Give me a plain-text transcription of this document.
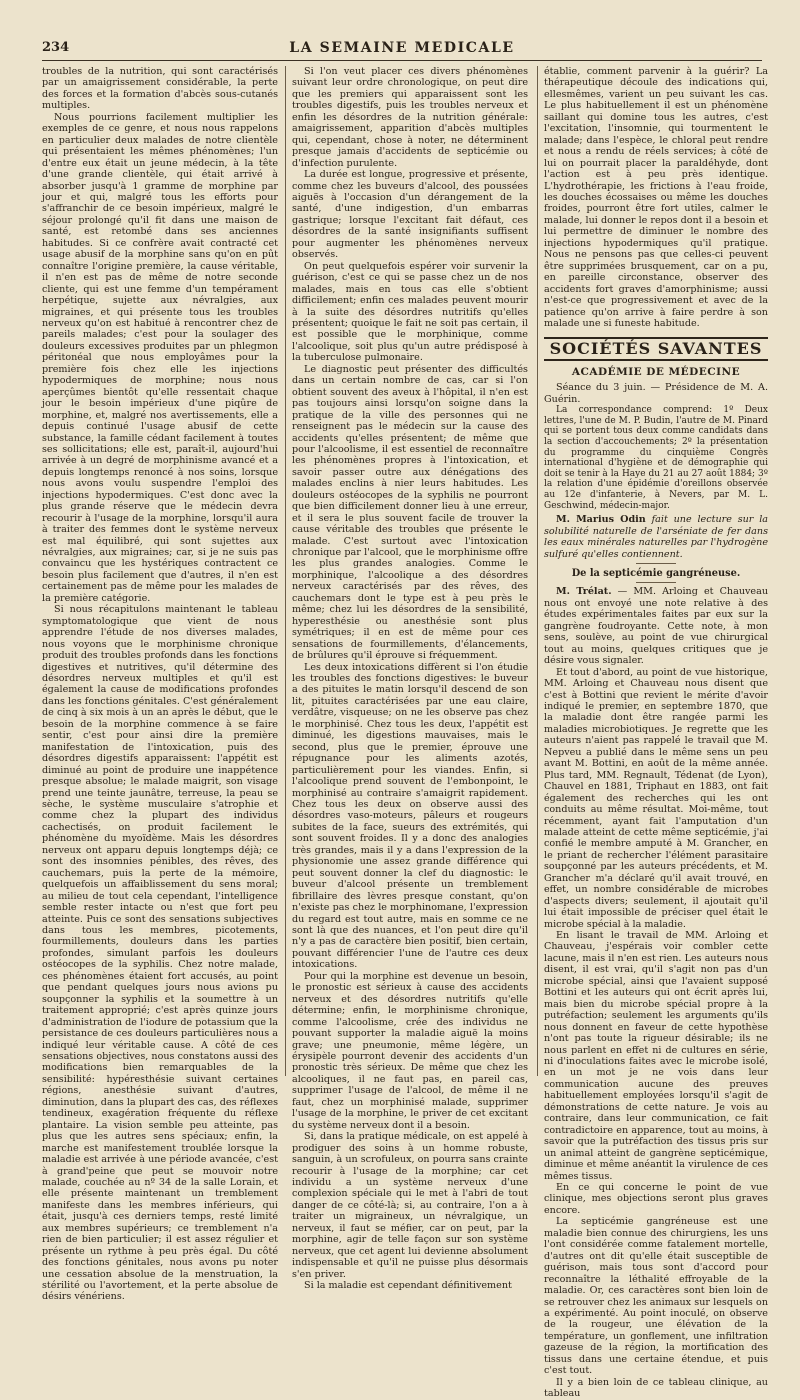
234	LA SEMAINE MEDICALE

troubles de la nutrition, qui sont caractérisés par un amaigrissement considérable, la perte des forces et la formation d'abcès sous-cutanés multiples.

Nous pourrions facilement multiplier les exemples de ce genre, et nous nous rappelons en particulier deux malades de notre clientèle qui présentaient les mêmes phénomènes; l'un d'entre eux était un jeune médecin, à la tête d'une grande clientèle, qui était arrivé à absorber jusqu'à 1 gramme de morphine par jour et qui, malgré tous les efforts pour s'affranchir de ce besoin impérieux, malgré le séjour prolongé qu'il fit dans une maison de santé, est retombé dans ses anciennes habitudes. Si ce confrère avait contracté cet usage abusif de la morphine sans qu'on en pût connaître l'origine première, la cause véritable, il n'en est pas de même de notre seconde cliente, qui est une femme d'un tempérament herpétique, sujette aux névralgies, aux migraines, et qui présente tous les troubles nerveux qu'on est habitué à rencontrer chez de pareils malades; c'est pour la soulager des douleurs excessives produites par un phlegmon péritonéal que nous employâmes pour la première fois chez elle les injections hypodermiques de morphine; nous nous aperçûmes bientôt qu'elle ressentait chaque jour le besoin impérieux d'une piqûre de morphine, et, malgré nos avertissements, elle a depuis continué l'usage abusif de cette substance, la famille cédant facilement à toutes ses sollicitations; elle est, paraît-il, aujourd'hui arrivée à un degré de morphinisme avancé et a depuis longtemps renoncé à nos soins, lorsque nous avons voulu suspendre l'emploi des injections hypodermiques. C'est donc avec la plus grande réserve que le médecin devra recourir à l'usage de la morphine, lorsqu'il aura à traiter des femmes dont le système nerveux est mal équilibré, qui sont sujettes aux névralgies, aux migraines; car, si je ne suis pas convaincu que les hystériques contractent ce besoin plus facilement que d'autres, il n'en est certainement pas de même pour les malades de la première catégorie.

Si nous récapitulons maintenant le tableau symptomatologique que vient de nous apprendre l'étude de nos diverses malades, nous voyons que le morphinisme chronique produit des troubles profonds dans les fonctions digestives et nutritives, qu'il détermine des désordres nerveux multiples et qu'il est également la cause de modifications profondes dans les fonctions génitales. C'est généralement de cinq à six mois à un an après le début, que le besoin de la morphine commence à se faire sentir, c'est pour ainsi dire la première manifestation de l'intoxication, puis des désordres digestifs apparaissent: l'appétit est diminué au point de produire une inappétence presque absolue; le malade maigrit, son visage prend une teinte jaunâtre, terreuse, la peau se sèche, le système musculaire s'atrophie et comme chez la plupart des individus cachectisés, on produit facilement le phénomène du myoïdème. Mais les désordres nerveux ont apparu depuis longtemps déjà; ce sont des insomnies pénibles, des rêves, des cauchemars, puis la perte de la mémoire, quelquefois un affaiblissement du sens moral; au milieu de tout cela cependant, l'intelligence semble rester intacte ou n'est que fort peu atteinte. Puis ce sont des sensations subjectives dans tous les membres, picotements, fourmillements, douleurs dans les parties profondes, simulant parfois les douleurs ostéocopes de la syphilis. Chez notre malade, ces phénomènes étaient fort accusés, au point que pendant quelques jours nous avions pu soupçonner la syphilis et la soumettre à un traitement approprié; c'est après quinze jours d'administration de l'iodure de potassium que la persistance de ces douleurs particulières nous a indiqué leur véritable cause. A côté de ces sensations objectives, nous constatons aussi des modifications bien remarquables de la sensibilité: hypéresthésie suivant certaines régions, anesthésie suivant d'autres, diminution, dans la plupart des cas, des réflexes tendineux, exagération fréquente du réflexe plantaire. La vision semble peu atteinte, pas plus que les autres sens spéciaux; enfin, la marche est manifestement troublée lorsque la maladie est arrivée à une période avancée, c'est à grand'peine que peut se mouvoir notre malade, couchée au nº 34 de la salle Lorain, et elle présente maintenant un tremblement manifeste dans les membres inférieurs, qui était, jusqu'à ces derniers temps, resté limité aux membres supérieurs; ce tremblement n'a rien de bien particulier; il est assez régulier et présente un rythme à peu près égal. Du côté des fonctions génitales, nous avons pu noter une cessation absolue de la menstruation, la stérilité ou l'avortement, et la perte absolue de désirs vénériens.

Si l'on veut placer ces divers phénomènes suivant leur ordre chronologique, on peut dire que les premiers qui apparaissent sont les troubles digestifs, puis les troubles nerveux et enfin les désordres de la nutrition générale: amaigrissement, apparition d'abcès multiples qui, cependant, chose à noter, ne déterminent presque jamais d'accidents de septicémie ou d'infection purulente.

La durée est longue, progressive et présente, comme chez les buveurs d'alcool, des poussées aiguës à l'occasion d'un dérangement de la santé, d'une indigestion, d'un embarras gastrique; lorsque l'excitant fait défaut, ces désordres de la santé insignifiants suffisent pour augmenter les phénomènes nerveux observés.

On peut quelquefois espérer voir survenir la guérison, c'est ce qui se passe chez un de nos malades, mais en tous cas elle s'obtient difficilement; enfin ces malades peuvent mourir à la suite des désordres nutritifs qu'elles présentent; quoique le fait ne soit pas certain, il est possible que le morphinique, comme l'alcoolique, soit plus qu'un autre prédisposé à la tuberculose pulmonaire.

Le diagnostic peut présenter des difficultés dans un certain nombre de cas, car si l'on obtient souvent des aveux à l'hôpital, il n'en est pas toujours ainsi lorsqu'on soigne dans la pratique de la ville des personnes qui ne renseignent pas le médecin sur la cause des accidents qu'elles présentent; de même que pour l'alcoolisme, il est essentiel de reconnaître les phénomènes propres à l'intoxication, et savoir passer outre aux dénégations des malades enclins à nier leurs habitudes. Les douleurs ostéocopes de la syphilis ne pourront que bien difficilement donner lieu à une erreur, et il sera le plus souvent facile de trouver la cause véritable des troubles que présente le malade. C'est surtout avec l'intoxication chronique par l'alcool, que le morphinisme offre les plus grandes analogies. Comme le morphinique, l'alcoolique a des désordres nerveux caractérisés par des rêves, des cauchemars dont le type est à peu près le même; chez lui les désordres de la sensibilité, hyperesthésie ou anesthésie sont plus symétriques; il en est de même pour ces sensations de fourmillements, d'élancements, de brûlures qu'il éprouve si fréquemment.

Les deux intoxications diffèrent si l'on étudie les troubles des fonctions digestives: le buveur a des pituites le matin lorsqu'il descend de son lit, pituites caractérisées par une eau claire, verdâtre, visqueuse; on ne les observe pas chez le morphinisé. Chez tous les deux, l'appétit est diminué, les digestions mauvaises, mais le second, plus que le premier, éprouve une répugnance pour les aliments azotés, particulièrement pour les viandes. Enfin, si l'alcoolique prend souvent de l'embonpoint, le morphinisé au contraire s'amaigrit rapidement. Chez tous les deux on observe aussi des désordres vaso-moteurs, pâleurs et rougeurs subites de la face, sueurs des extrémités, qui sont souvent froides. Il y a donc des analogies très grandes, mais il y a dans l'expression de la physionomie une assez grande différence qui peut souvent donner la clef du diagnostic: le buveur d'alcool présente un tremblement fibrillaire des lèvres presque constant, qu'on n'existe pas chez le morphinomane, l'expression du regard est tout autre, mais en somme ce ne sont là que des nuances, et l'on peut dire qu'il n'y a pas de caractère bien positif, bien certain, pouvant différencier l'une de l'autre ces deux intoxications.

Pour qui la morphine est devenue un besoin, le pronostic est sérieux à cause des accidents nerveux et des désordres nutritifs qu'elle détermine; enfin, le morphinisme chronique, comme l'alcoolisme, crée des individus ne pouvant supporter la maladie aiguë la moins grave; une pneumonie, même légère, un érysipèle pourront devenir des accidents d'un pronostic très sérieux. De même que chez les alcooliques, il ne faut pas, en pareil cas, supprimer l'usage de l'alcool, de même il ne faut, chez un morphinisé malade, supprimer l'usage de la morphine, le priver de cet excitant du système nerveux dont il a besoin.

Si, dans la pratique médicale, on est appelé à prodiguer des soins à un homme robuste, sanguin, à un scrofuleux, on pourra sans crainte recourir à l'usage de la morphine; car cet individu a un système nerveux d'une complexion spéciale qui le met à l'abri de tout danger de ce côté-là; si, au contraire, l'on a à traiter un migraineux, un névralgique, un nerveux, il faut se méfier, car on peut, par la morphine, agir de telle façon sur son système nerveux, que cet agent lui devienne absolument indispensable et qu'il ne puisse plus désormais s'en priver.

Si la maladie est cependant définitivement

établie, comment parvenir à la guérir? La thérapeutique découle des indications qui, ellesmêmes, varient un peu suivant les cas. Le plus habituellement il est un phénomène saillant qui domine tous les autres, c'est l'excitation, l'insomnie, qui tourmentent le malade; dans l'espèce, le chloral peut rendre et nous a rendu de réels services; à côté de lui on pourrait placer la paraldéhyde, dont l'action est à peu près identique. L'hydrothérapie, les frictions à l'eau froide, les douches écossaises ou même les douches froides, pourront être fort utiles, calmer le malade, lui donner le repos dont il a besoin et lui permettre de diminuer le nombre des injections hypodermiques qu'il pratique. Nous ne pensons pas que celles-ci peuvent être supprimées brusquement, car on a pu, en pareille circonstance, observer des accidents fort graves d'amorphinisme; aussi n'est-ce que progressivement et avec de la patience qu'on arrive à faire perdre à son malade une si funeste habitude.

SOCIÉTÉS SAVANTES
ACADÉMIE DE MÉDECINE

Séance du 3 juin. — Présidence de M. A. Guérin.

La correspondance comprend: 1º Deux lettres, l'une de M. P. Budin, l'autre de M. Pinard qui se portent tous deux comme candidats dans la section d'accouchements; 2º la présentation du programme du cinquième Congrès international d'hygiène et de démographie qui doit se tenir à la Haye du 21 au 27 août 1884; 3º la relation d'une épidémie d'oreillons observée au 12e d'infanterie, à Nevers, par M. L. Geschwind, médecin-major.

M. Marius Odin fait une lecture sur la solubilité naturelle de l'arséniate de fer dans les eaux minérales naturelles par l'hydrogène sulfuré qu'elles contiennent.

De la septicémie gangréneuse.

M. Trélat. — MM. Arloing et Chauveau nous ont envoyé une note relative à des études expérimentales faites par eux sur la gangrène foudroyante. Cette note, à mon sens, soulève, au point de vue chirurgical tout au moins, quelques critiques que je désire vous signaler.

Et tout d'abord, au point de vue historique, MM. Arloing et Chauveau nous disent que c'est à Bottini que revient le mérite d'avoir indiqué le premier, en septembre 1870, que la maladie dont être rangée parmi les maladies microbiotiques. Je regrette que les auteurs n'aient pas rappelé le travail que M. Nepveu a publié dans le même sens un peu avant M. Bottini, en août de la même année. Plus tard, MM. Regnault, Tédenat (de Lyon), Chauvel en 1881, Triphaut en 1883, ont fait également des recherches qui les ont conduits au même résultat. Moi-même, tout récemment, ayant fait l'amputation d'un malade atteint de cette même septicémie, j'ai confié le membre amputé à M. Grancher, en le priant de rechercher l'élément parasitaire soupçonné par les auteurs précédents, et M. Grancher m'a déclaré qu'il avait trouvé, en effet, un nombre considérable de microbes d'aspects divers; seulement, il ajoutait qu'il lui était impossible de préciser quel était le microbe spécial à la maladie.

En lisant le travail de MM. Arloing et Chauveau, j'espérais voir combler cette lacune, mais il n'en est rien. Les auteurs nous disent, il est vrai, qu'il s'agit non pas d'un microbe spécial, ainsi que l'avaient supposé Bottini et les auteurs qui ont écrit après lui, mais bien du microbe spécial propre à la putréfaction; seulement les arguments qu'ils nous donnent en faveur de cette hypothèse n'ont pas toute la rigueur désirable; ils ne nous parlent en effet ni de cultures en série, ni d'inoculations faites avec le microbe isolé, en un mot je ne vois dans leur communication aucune des preuves habituellement employées lorsqu'il s'agit de démonstrations de cette nature. Je vois au contraire, dans leur communication, ce fait contradictoire en apparence, tout au moins, à savoir que la putréfaction des tissus pris sur un animal atteint de gangrène septicémique, diminue et même anéantit la virulence de ces mêmes tissus.

En ce qui concerne le point de vue clinique, mes objections seront plus graves encore.

La septicémie gangréneuse est une maladie bien connue des chirurgiens, les uns l'ont considérée comme fatalement mortelle, d'autres ont dit qu'elle était susceptible de guérison, mais tous sont d'accord pour reconnaître la léthalité effroyable de la maladie. Or, ces caractères sont bien loin de se retrouver chez les animaux sur lesquels on a expérimenté. Au point inoculé, on observe de la rougeur, une élévation de la température, un gonflement, une infiltration gazeuse de la région, la mortification des tissus dans une certaine étendue, et puis c'est tout.

Il y a bien loin de ce tableau clinique, au tableau
